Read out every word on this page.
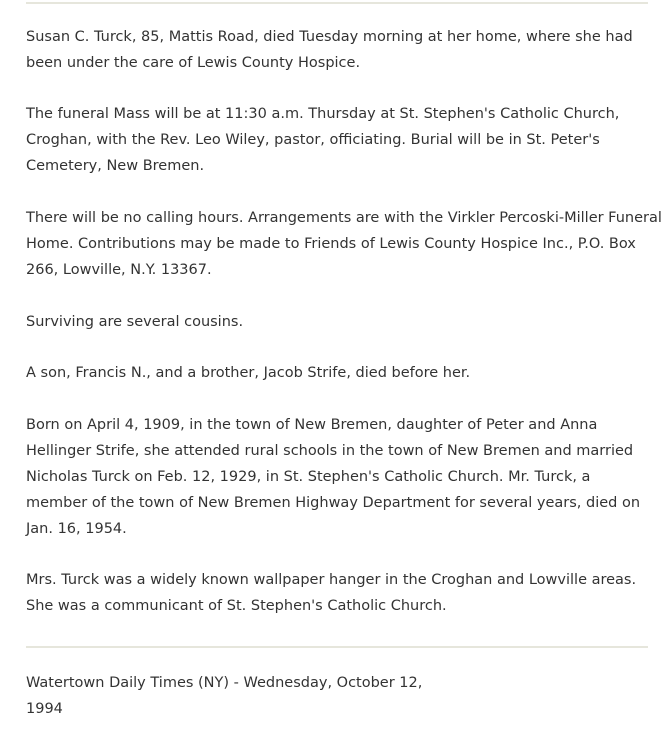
Susan C. Turck, 85, Mattis Road, died Tuesday morning at her home, where she had
been under the care of Lewis County Hospice.

The funeral Mass will be at 11:30 a.m. Thursday at St. Stephen's Catholic Church,
Croghan, with the Rev. Leo Wiley, pastor, officiating. Burial will be in St. Peter's
Cemetery, New Bremen.

There will be no calling hours. Arrangements are with the Virkler Percoski-Miller Funeral
Home. Contributions may be made to Friends of Lewis County Hospice Inc., P.O. Box
266, Lowville, N.Y. 13367.

Surviving are several cousins.

A son, Francis N., and a brother, Jacob Strife, died before her.

Born on April 4, 1909, in the town of New Bremen, daughter of Peter and Anna
Hellinger Strife, she attended rural schools in the town of New Bremen and married
Nicholas Turck on Feb. 12, 1929, in St. Stephen's Catholic Church. Mr. Turck, a
member of the town of New Bremen Highway Department for several years, died on
Jan. 16, 1954.

Mrs. Turck was a widely known wallpaper hanger in the Croghan and Lowville areas.
She was a communicant of St. Stephen's Catholic Church.

Watertown Daily Times (NY) - Wednesday, October 12,
1994
